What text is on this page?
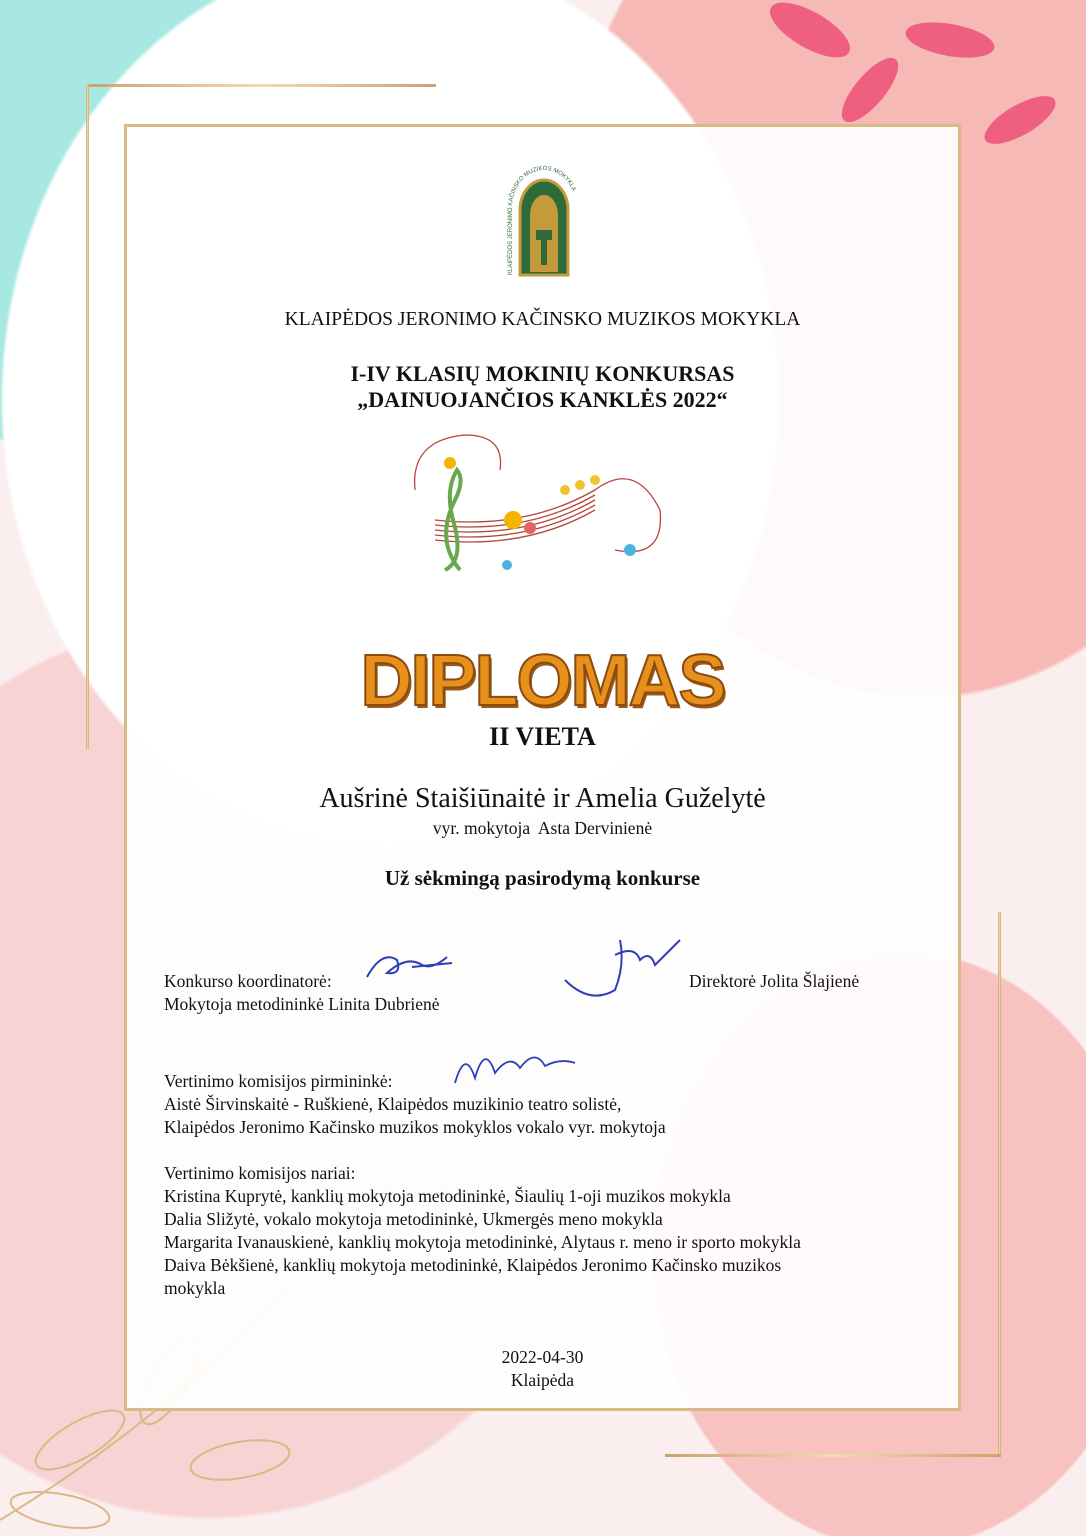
KLAIPĖDOS JERONIMO KAČINSKO MUZIKOS MOKYKLA
KLAIPĖDOS JERONIMO KAČINSKO MUZIKOS MOKYKLA
I-IV KLASIŲ MOKINIŲ KONKURSAS
„DAINUOJANČIOS KANKLĖS 2022“
DIPLOMAS
II VIETA
Aušrinė Staišiūnaitė ir Amelia Guželytė
vyr. mokytoja  Asta Dervinienė
Už sėkmingą pasirodymą konkurse
Konkurso koordinatorė:
Mokytoja metodininkė Linita Dubrienė
Direktorė Jolita Šlajienė
Vertinimo komisijos pirmininkė:
Aistė Širvinskaitė - Ruškienė, Klaipėdos muzikinio teatro solistė,
Klaipėdos Jeronimo Kačinsko muzikos mokyklos vokalo vyr. mokytoja
Vertinimo komisijos nariai:
Kristina Kuprytė, kanklių mokytoja metodininkė, Šiaulių 1-oji muzikos mokykla
Dalia Sližytė, vokalo mokytoja metodininkė, Ukmergės meno mokykla
Margarita Ivanauskienė, kanklių mokytoja metodininkė, Alytaus r. meno ir sporto mokykla
Daiva Bėkšienė, kanklių mokytoja metodininkė, Klaipėdos Jeronimo Kačinsko muzikos
mokykla
2022-04-30
Klaipėda
